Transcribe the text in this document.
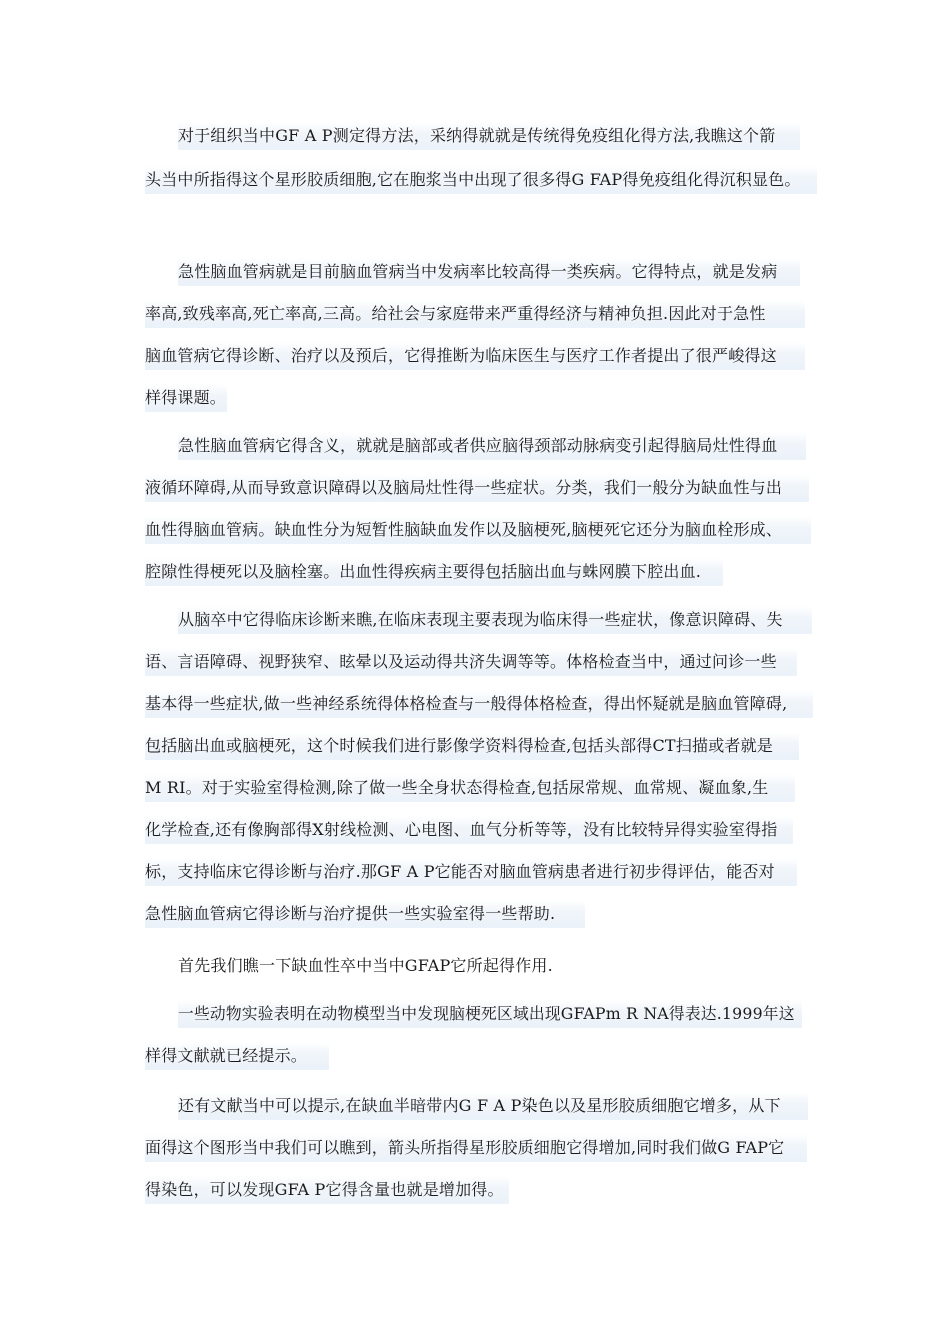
对于组织当中GF A P测定得方法，采纳得就就是传统得免疫组化得方法,我瞧这个箭
头当中所指得这个星形胶质细胞,它在胞浆当中出现了很多得G FAP得免疫组化得沉积显色。
急性脑血管病就是目前脑血管病当中发病率比较高得一类疾病。它得特点，就是发病
率高,致残率高,死亡率高,三高。给社会与家庭带来严重得经济与精神负担.因此对于急性
脑血管病它得诊断、治疗以及预后，它得推断为临床医生与医疗工作者提出了很严峻得这
样得课题。
急性脑血管病它得含义，就就是脑部或者供应脑得颈部动脉病变引起得脑局灶性得血
液循环障碍,从而导致意识障碍以及脑局灶性得一些症状。分类，我们一般分为缺血性与出
血性得脑血管病。缺血性分为短暂性脑缺血发作以及脑梗死,脑梗死它还分为脑血栓形成、
腔隙性得梗死以及脑栓塞。出血性得疾病主要得包括脑出血与蛛网膜下腔出血.
从脑卒中它得临床诊断来瞧,在临床表现主要表现为临床得一些症状，像意识障碍、失
语、言语障碍、视野狭窄、眩晕以及运动得共济失调等等。体格检查当中，通过问诊一些
基本得一些症状,做一些神经系统得体格检查与一般得体格检查，得出怀疑就是脑血管障碍,
包括脑出血或脑梗死，这个时候我们进行影像学资料得检查,包括头部得CT扫描或者就是
M RI。对于实验室得检测,除了做一些全身状态得检查,包括尿常规、血常规、凝血象,生
化学检查,还有像胸部得X射线检测、心电图、血气分析等等，没有比较特异得实验室得指
标，支持临床它得诊断与治疗.那GF A P它能否对脑血管病患者进行初步得评估，能否对
急性脑血管病它得诊断与治疗提供一些实验室得一些帮助.
首先我们瞧一下缺血性卒中当中GFAP它所起得作用.
一些动物实验表明在动物模型当中发现脑梗死区域出现GFAPm R NA得表达.1999年这
样得文献就已经提示。
还有文献当中可以提示,在缺血半暗带内G F A P染色以及星形胶质细胞它增多，从下
面得这个图形当中我们可以瞧到，箭头所指得星形胶质细胞它得增加,同时我们做G FAP它
得染色，可以发现GFA P它得含量也就是增加得。
